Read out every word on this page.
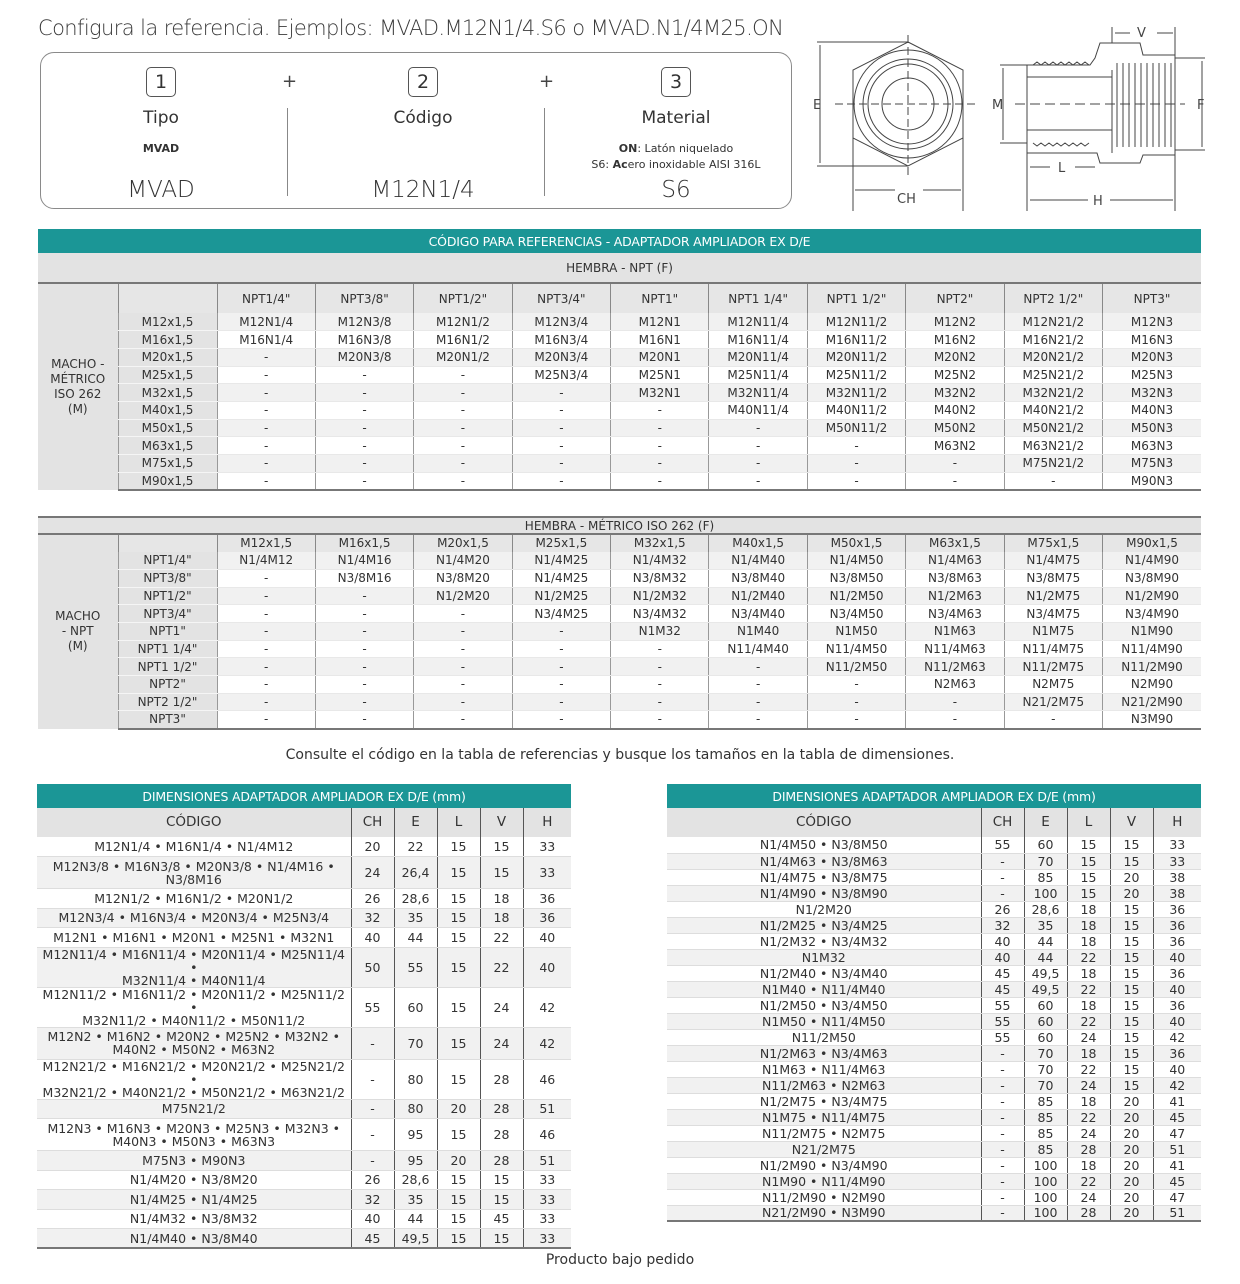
Configura la referencia. Ejemplos: MVAD.M12N1/4.S6 o MVAD.N1/4M25.ON
1
Tipo
MVAD
MVAD
+	2
Código
M12N1/4
+	3
Material
ON: Latón niquelado
S6: Acero inoxidable AISI 316L
S6
E
CH
M
L
H
V
F
CÓDIGO PARA REFERENCIAS - ADAPTADOR AMPLIADOR EX D/E											
HEMBRA - NPT (F)											

MACHO -
MÉTRICO
ISO 262
(M)		NPT1/4"	NPT3/8"	NPT1/2"	NPT3/4"	NPT1"	NPT1 1/4"	NPT1 1/2"	NPT2"	NPT2 1/2"	NPT3"
	M12x1,5	M12N1/4	M12N3/8	M12N1/2	M12N3/4	M12N1	M12N11/4	M12N11/2	M12N2	M12N21/2	M12N3
	M16x1,5	M16N1/4	M16N3/8	M16N1/2	M16N3/4	M16N1	M16N11/4	M16N11/2	M16N2	M16N21/2	M16N3
	M20x1,5	-	M20N3/8	M20N1/2	M20N3/4	M20N1	M20N11/4	M20N11/2	M20N2	M20N21/2	M20N3
	M25x1,5	-	-	-	M25N3/4	M25N1	M25N11/4	M25N11/2	M25N2	M25N21/2	M25N3
	M32x1,5	-	-	-	-	M32N1	M32N11/4	M32N11/2	M32N2	M32N21/2	M32N3
	M40x1,5	-	-	-	-	-	M40N11/4	M40N11/2	M40N2	M40N21/2	M40N3
	M50x1,5	-	-	-	-	-	-	M50N11/2	M50N2	M50N21/2	M50N3
	M63x1,5	-	-	-	-	-	-	-	M63N2	M63N21/2	M63N3
	M75x1,5	-	-	-	-	-	-	-	-	M75N21/2	M75N3
	M90x1,5	-	-	-	-	-	-	-	-	-	M90N3
HEMBRA - MÉTRICO ISO 262 (F)											

MACHO
- NPT
(M)		M12x1,5	M16x1,5	M20x1,5	M25x1,5	M32x1,5	M40x1,5	M50x1,5	M63x1,5	M75x1,5	M90x1,5
	NPT1/4"	N1/4M12	N1/4M16	N1/4M20	N1/4M25	N1/4M32	N1/4M40	N1/4M50	N1/4M63	N1/4M75	N1/4M90
	NPT3/8"	-	N3/8M16	N3/8M20	N1/4M25	N3/8M32	N3/8M40	N3/8M50	N3/8M63	N3/8M75	N3/8M90
	NPT1/2"	-	-	N1/2M20	N1/2M25	N1/2M32	N1/2M40	N1/2M50	N1/2M63	N1/2M75	N1/2M90
	NPT3/4"	-	-	-	N3/4M25	N3/4M32	N3/4M40	N3/4M50	N3/4M63	N3/4M75	N3/4M90
	NPT1"	-	-	-	-	N1M32	N1M40	N1M50	N1M63	N1M75	N1M90
	NPT1 1/4"	-	-	-	-	-	N11/4M40	N11/4M50	N11/4M63	N11/4M75	N11/4M90
	NPT1 1/2"	-	-	-	-	-	-	N11/2M50	N11/2M63	N11/2M75	N11/2M90
	NPT2"	-	-	-	-	-	-	-	N2M63	N2M75	N2M90
	NPT2 1/2"	-	-	-	-	-	-	-	-	N21/2M75	N21/2M90
	NPT3"	-	-	-	-	-	-	-	-	-	N3M90
Consulte el código en la tabla de referencias y busque los tamaños en la tabla de dimensiones.
DIMENSIONES ADAPTADOR AMPLIADOR EX D/E (mm)					
CÓDIGO	CH	E	L	V	H

M12N1/4 • M16N1/4 • N1/4M12	20	22	15	15	33

M12N3/8 • M16N3/8 • M20N3/8 • N1/4M16 •
N3/8M16	24	26,4	15	15	33

M12N1/2 • M16N1/2 • M20N1/2	26	28,6	15	18	36

M12N3/4 • M16N3/4 • M20N3/4 • M25N3/4	32	35	15	18	36

M12N1 • M16N1 • M20N1 • M25N1 • M32N1	40	44	15	22	40

M12N11/4 • M16N11/4 • M20N11/4 • M25N11/4 •
M32N11/4 • M40N11/4	50	55	15	22	40

M12N11/2 • M16N11/2 • M20N11/2 • M25N11/2 •
M32N11/2 • M40N11/2 • M50N11/2	55	60	15	24	42

M12N2 • M16N2 • M20N2 • M25N2 • M32N2 •
M40N2 • M50N2 • M63N2	-	70	15	24	42

M12N21/2 • M16N21/2 • M20N21/2 • M25N21/2 •
M32N21/2 • M40N21/2 • M50N21/2 • M63N21/2	-	80	15	28	46

M75N21/2	-	80	20	28	51

M12N3 • M16N3 • M20N3 • M25N3 • M32N3 •
M40N3 • M50N3 • M63N3	-	95	15	28	46

M75N3 • M90N3	-	95	20	28	51

N1/4M20 • N3/8M20	26	28,6	15	15	33

N1/4M25 • N1/4M25	32	35	15	15	33

N1/4M32 • N3/8M32	40	44	15	45	33

N1/4M40 • N3/8M40	45	49,5	15	15	33
DIMENSIONES ADAPTADOR AMPLIADOR EX D/E (mm)					
CÓDIGO	CH	E	L	V	H

N1/4M50 • N3/8M50	55	60	15	15	33

N1/4M63 • N3/8M63	-	70	15	15	33

N1/4M75 • N3/8M75	-	85	15	20	38

N1/4M90 • N3/8M90	-	100	15	20	38

N1/2M20	26	28,6	18	15	36

N1/2M25 • N3/4M25	32	35	18	15	36

N1/2M32 • N3/4M32	40	44	18	15	36

N1M32	40	44	22	15	40

N1/2M40 • N3/4M40	45	49,5	18	15	36

N1M40 • N11/4M40	45	49,5	22	15	40

N1/2M50 • N3/4M50	55	60	18	15	36

N1M50 • N11/4M50	55	60	22	15	40

N11/2M50	55	60	24	15	42

N1/2M63 • N3/4M63	-	70	18	15	36

N1M63 • N11/4M63	-	70	22	15	40

N11/2M63 • N2M63	-	70	24	15	42

N1/2M75 • N3/4M75	-	85	18	20	41

N1M75 • N11/4M75	-	85	22	20	45

N11/2M75 • N2M75	-	85	24	20	47

N21/2M75	-	85	28	20	51

N1/2M90 • N3/4M90	-	100	18	20	41

N1M90 • N11/4M90	-	100	22	20	45

N11/2M90 • N2M90	-	100	24	20	47

N21/2M90 • N3M90	-	100	28	20	51
Producto bajo pedido
